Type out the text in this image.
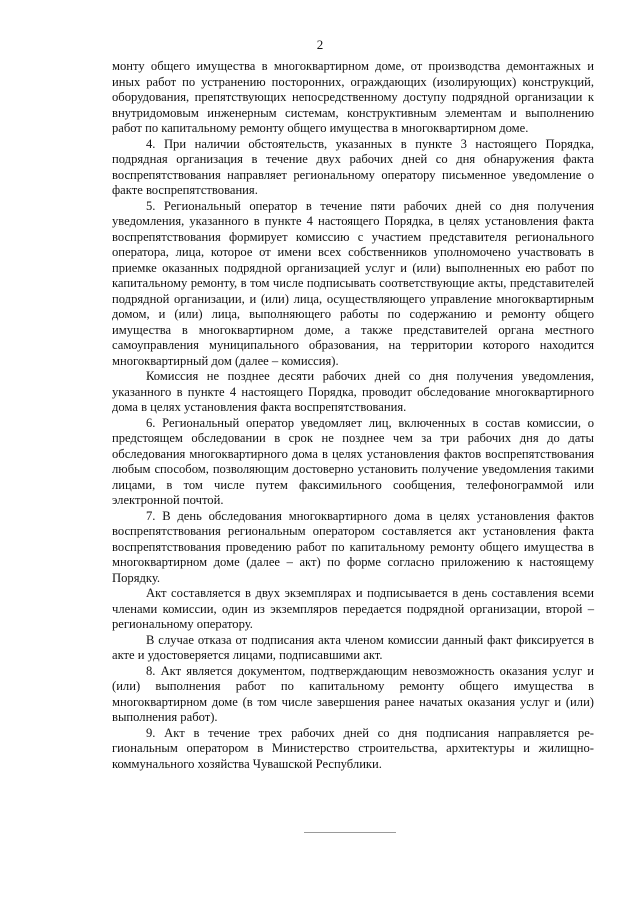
2

монту общего имущества в многоквартирном доме, от производства демонтажных и иных работ по устранению посторонних, ограждающих (изолирующих) конструкций, оборудования, препятствующих непосредственному доступу подрядной организации к внутридомовым инженерным системам, конструктивным элементам и выполнению работ по капитальному ремонту общего имущества в многоквартирном доме.

4. При наличии обстоятельств, указанных в пункте 3 настоящего Порядка, подрядная организация в течение двух рабочих дней со дня обнаружения факта воспрепятствования направляет региональному оператору письменное уведомление о факте воспрепятствования.

5. Региональный оператор в течение пяти рабочих дней со дня получения уведомления, указанного в пункте 4 настоящего Порядка, в целях установления факта воспрепятствования формирует комиссию с участием представителя регионального оператора, лица, которое от имени всех собственников уполномочено участвовать в приемке оказанных подрядной организацией услуг и (или) выполненных ею работ по капитальному ремонту, в том числе подписывать соответствующие акты, представителей подрядной организации, и (или) лица, осуществляющего управление многоквартирным домом, и (или) лица, выполняющего работы по содержанию и ремонту общего имущества в многоквартирном доме, а также представителей органа местного самоуправления муниципального образования, на территории которого находится многоквартирный дом (далее – комиссия).

Комиссия не позднее десяти рабочих дней со дня получения уведомления, указанного в пункте 4 настоящего Порядка, проводит обследование многоквартирного дома в целях установления факта воспрепятствования.

6. Региональный оператор уведомляет лиц, включенных в состав комиссии, о предстоящем обследовании в срок не позднее чем за три рабочих дня до даты обследования многоквартирного дома в целях установления фактов воспрепятствования любым способом, позволяющим достоверно установить получение уведомления такими лицами, в том числе путем факсимильного сообщения, телефонограммой или электронной почтой.

7. В день обследования многоквартирного дома в целях установления фактов воспрепятствования региональным оператором составляется акт установления факта воспрепятствования проведению работ по капитальному ремонту общего имущества в многоквартирном доме (далее – акт) по форме согласно приложению к настоящему Порядку.

Акт составляется в двух экземплярах и подписывается в день составления всеми членами комиссии, один из экземпляров передается подрядной организации, второй – региональному оператору.

В случае отказа от подписания акта членом комиссии данный факт фиксируется в акте и удостоверяется лицами, подписавшими акт.

8. Акт является документом, подтверждающим невозможность оказания услуг и (или) выполнения работ по капитальному ремонту общего имущества в многоквартирном доме (в том числе завершения ранее начатых оказания услуг и (или) выполнения работ).

9. Акт в течение трех рабочих дней со дня подписания направляется региональным оператором в Министерство строительства, архитектуры и жилищно-коммунального хозяйства Чувашской Республики.
